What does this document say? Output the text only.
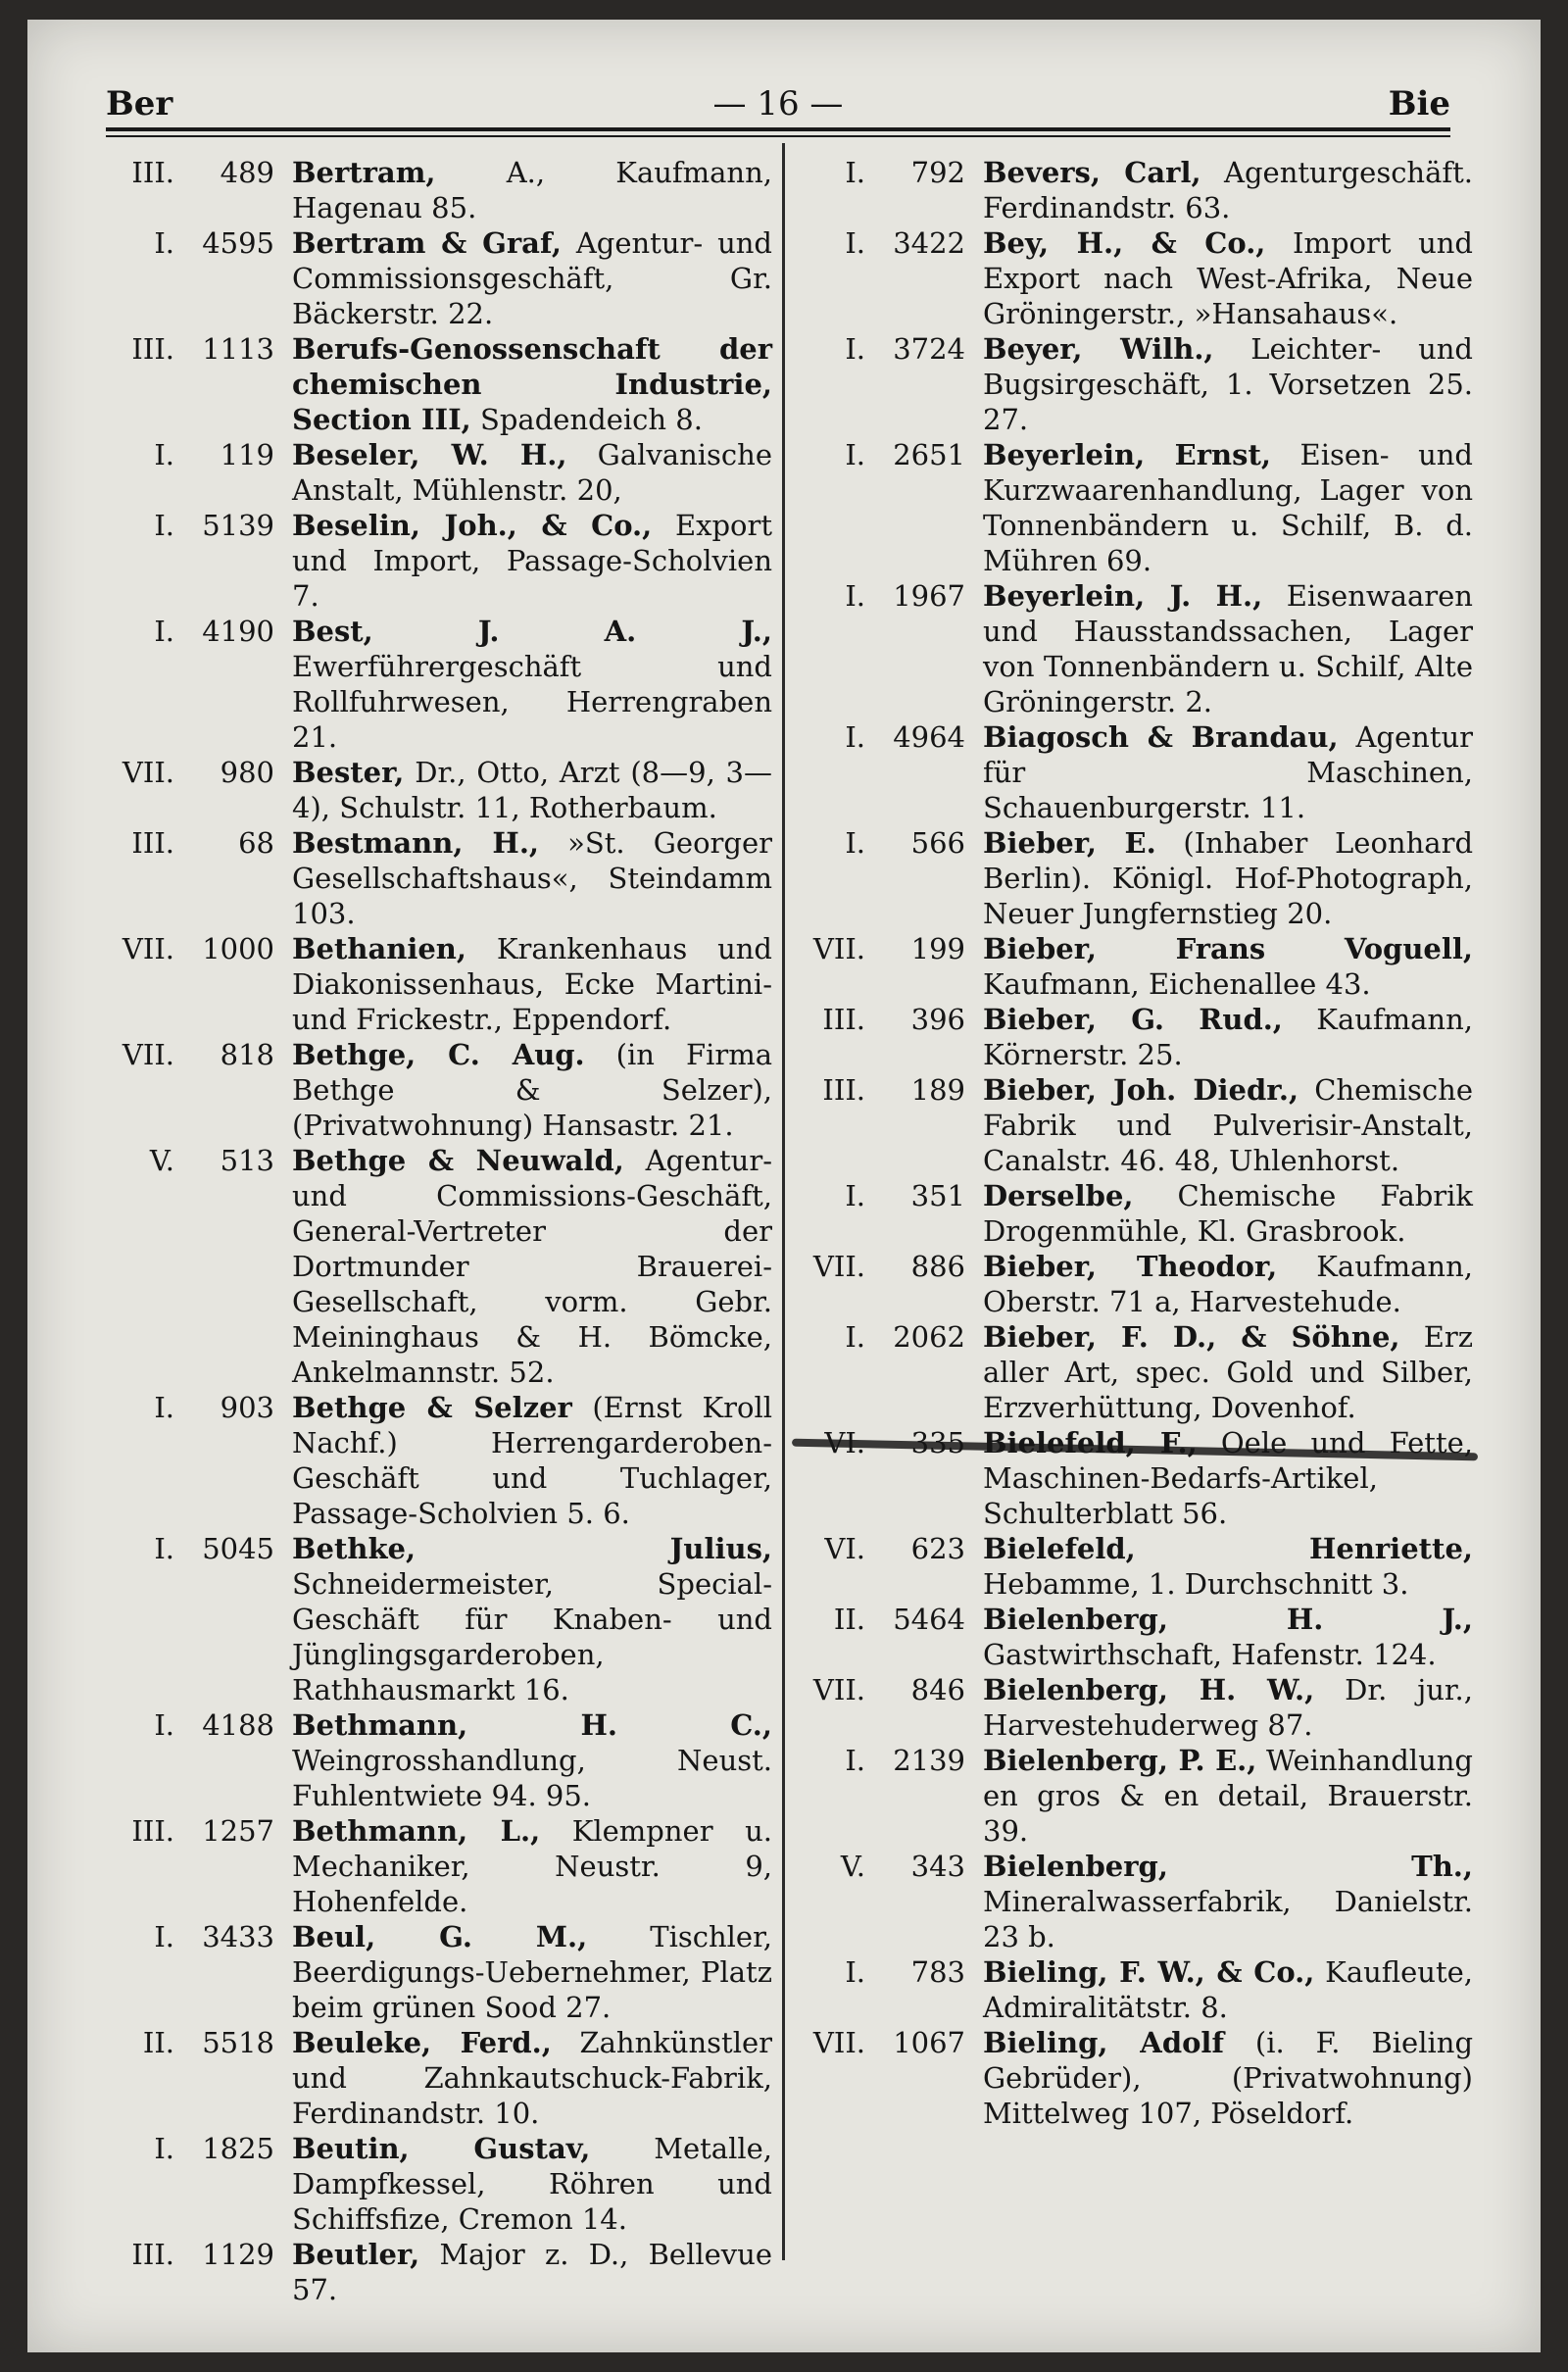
Ber	— 16 —	Bie
III. 489 Bertram, A., Kaufmann, Hagenau 85.
I. 4595 Bertram & Graf, Agentur- und Commissionsgeschäft, Gr. Bäckerstr. 22.
III. 1113 Berufs-Genossenschaft der chemischen Industrie, Section III, Spadendeich 8.
I. 119 Beseler, W. H., Galvanische Anstalt, Mühlenstr. 20,
I. 5139 Beselin, Joh., & Co., Export und Import, Passage-Scholvien 7.
I. 4190 Best, J. A. J., Ewerführergeschäft und Rollfuhrwesen, Herrengraben 21.
VII. 980 Bester, Dr., Otto, Arzt (8—9, 3—4), Schulstr. 11, Rotherbaum.
III. 68 Bestmann, H., »St. Georger Gesellschaftshaus«, Steindamm 103.
VII. 1000 Bethanien, Krankenhaus und Diakonissenhaus, Ecke Martini- und Frickestr., Eppendorf.
VII. 818 Bethge, C. Aug. (in Firma Bethge & Selzer), (Privatwohnung) Hansastr. 21.
V. 513 Bethge & Neuwald, Agentur- und Commissions-Geschäft, General-Vertreter der Dortmunder Brauerei-Gesellschaft, vorm. Gebr. Meininghaus & H. Bömcke, Ankelmannstr. 52.
I. 903 Bethge & Selzer (Ernst Kroll Nachf.) Herrengarderoben-Geschäft und Tuchlager, Passage-Scholvien 5. 6.
I. 5045 Bethke, Julius, Schneidermeister, Special-Geschäft für Knaben- und Jünglingsgarderoben, Rathhausmarkt 16.
I. 4188 Bethmann, H. C., Weingrosshandlung, Neust. Fuhlentwiete 94. 95.
III. 1257 Bethmann, L., Klempner u. Mechaniker, Neustr. 9, Hohenfelde.
I. 3433 Beul, G. M., Tischler, Beerdigungs-Uebernehmer, Platz beim grünen Sood 27.
II. 5518 Beuleke, Ferd., Zahnkünstler und Zahnkautschuck-Fabrik, Ferdinandstr. 10.
I. 1825 Beutin, Gustav, Metalle, Dampfkessel, Röhren und Schiffsfize, Cremon 14.
III. 1129 Beutler, Major z. D., Bellevue 57.
I. 792 Bevers, Carl, Agenturgeschäft. Ferdinandstr. 63.
I. 3422 Bey, H., & Co., Import und Export nach West-Afrika, Neue Gröningerstr., »Hansahaus«.
I. 3724 Beyer, Wilh., Leichter- und Bugsirgeschäft, 1. Vorsetzen 25. 27.
I. 2651 Beyerlein, Ernst, Eisen- und Kurzwaarenhandlung, Lager von Tonnenbändern u. Schilf, B. d. Mühren 69.
I. 1967 Beyerlein, J. H., Eisenwaaren und Hausstandssachen, Lager von Tonnenbändern u. Schilf, Alte Gröningerstr. 2.
I. 4964 Biagosch & Brandau, Agentur für Maschinen, Schauenburgerstr. 11.
I. 566 Bieber, E. (Inhaber Leonhard Berlin). Königl. Hof-Photograph, Neuer Jungfernstieg 20.
VII. 199 Bieber, Frans Voguell, Kaufmann, Eichenallee 43.
III. 396 Bieber, G. Rud., Kaufmann, Körnerstr. 25.
III. 189 Bieber, Joh. Diedr., Chemische Fabrik und Pulverisir-Anstalt, Canalstr. 46. 48, Uhlenhorst.
I. 351 Derselbe, Chemische Fabrik Drogenmühle, Kl. Grasbrook.
VII. 886 Bieber, Theodor, Kaufmann, Oberstr. 71 a, Harvestehude.
I. 2062 Bieber, F. D., & Söhne, Erz aller Art, spec. Gold und Silber, Erzverhüttung, Dovenhof.
VI. 335 Bielefeld, F., Oele und Fette, Maschinen-Bedarfs-Artikel, Schulterblatt 56.
VI. 623 Bielefeld, Henriette, Hebamme, 1. Durchschnitt 3.
II. 5464 Bielenberg, H. J., Gastwirthschaft, Hafenstr. 124.
VII. 846 Bielenberg, H. W., Dr. jur., Harvestehuderweg 87.
I. 2139 Bielenberg, P. E., Weinhandlung en gros & en detail, Brauerstr. 39.
V. 343 Bielenberg, Th., Mineralwasserfabrik, Danielstr. 23 b.
I. 783 Bieling, F. W., & Co., Kaufleute, Admiralitätstr. 8.
VII. 1067 Bieling, Adolf (i. F. Bieling Gebrüder), (Privatwohnung) Mittelweg 107, Pöseldorf.
